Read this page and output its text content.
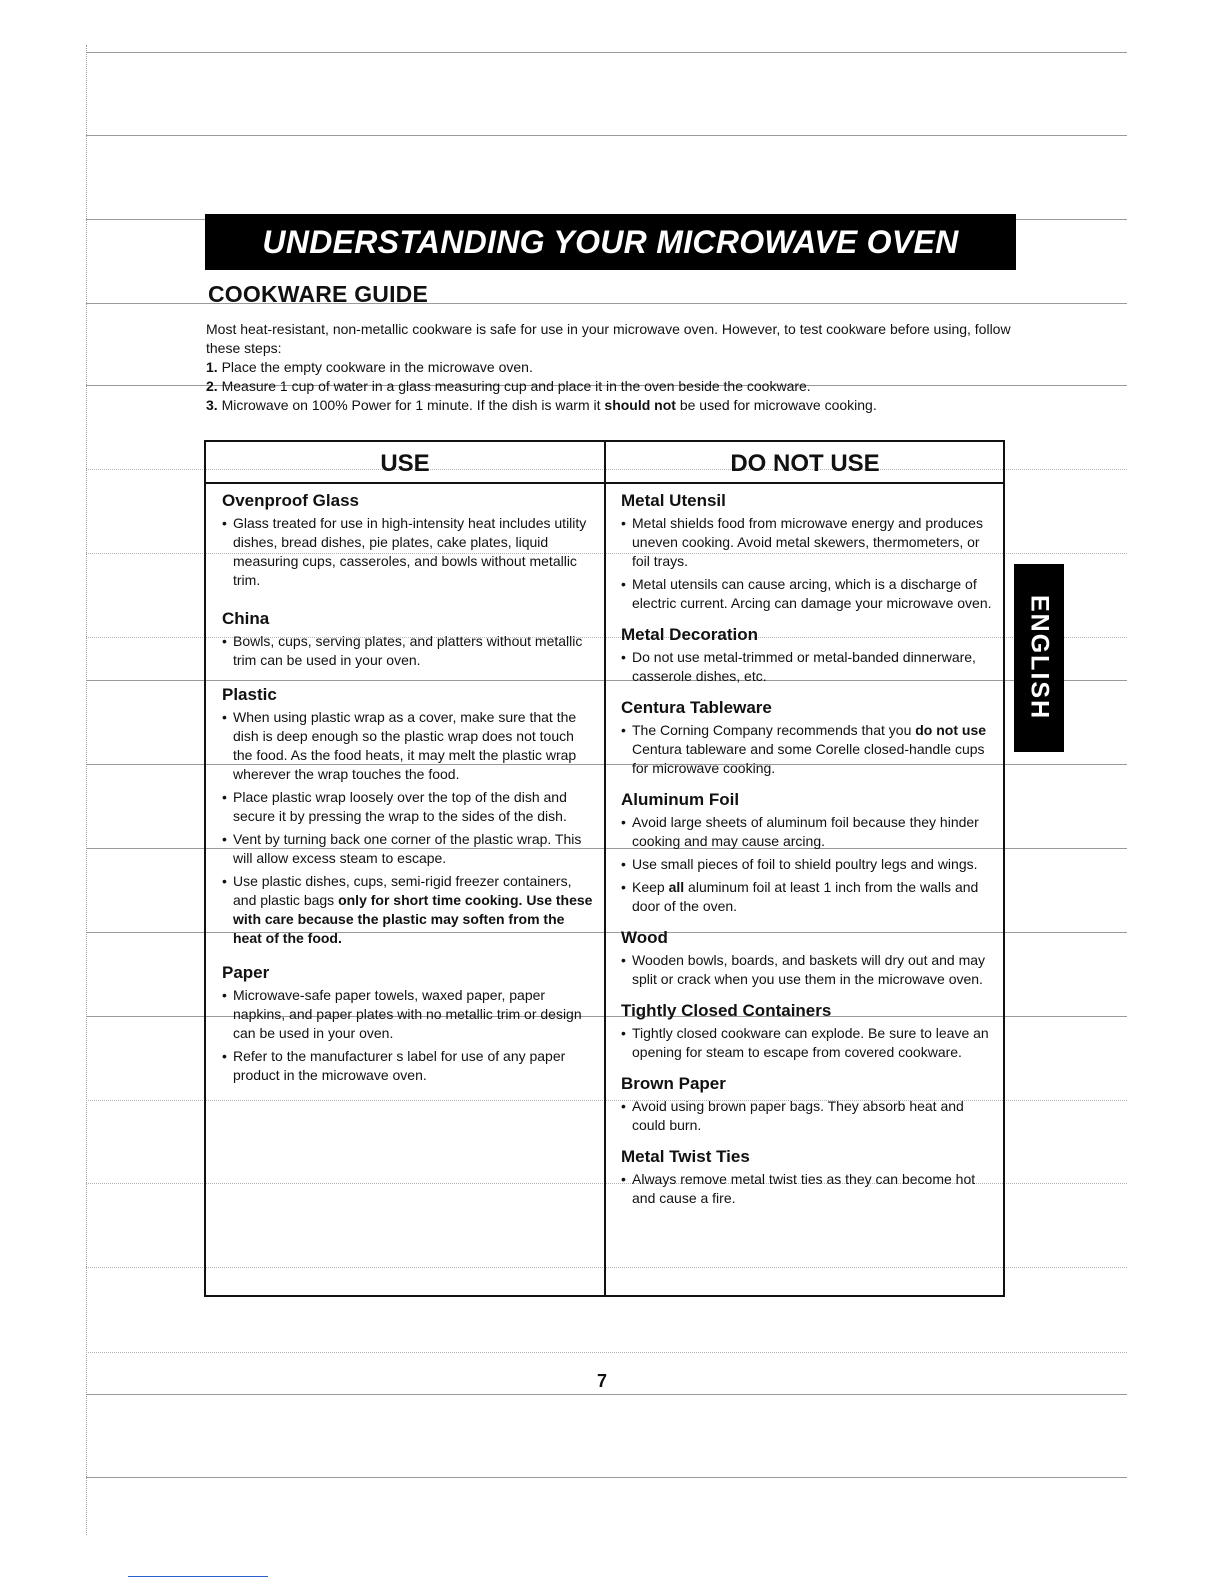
UNDERSTANDING YOUR MICROWAVE OVEN
COOKWARE GUIDE

Most heat-resistant, non-metallic cookware is safe for use in your microwave oven. However, to test cookware before using, follow these steps:

1. Place the empty cookware in the microwave oven.

2. Measure 1 cup of water in a glass measuring cup and place it in the oven beside the cookware.

3. Microwave on 100% Power for 1 minute. If the dish is warm it should not be used for microwave cooking.

USE	DO NOT USE
Ovenproof Glass

• Glass treated for use in high-intensity heat includes utility dishes, bread dishes, pie plates, cake plates, liquid measuring cups, casseroles, and bowls without metallic trim.

China

• Bowls, cups, serving plates, and platters without metallic trim can be used in your oven.

Plastic

• When using plastic wrap as a cover, make sure that the dish is deep enough so the plastic wrap does not touch the food. As the food heats, it may melt the plastic wrap wherever the wrap touches the food.

• Place plastic wrap loosely over the top of the dish and secure it by pressing the wrap to the sides of the dish.

• Vent by turning back one corner of the plastic wrap. This will allow excess steam to escape.

• Use plastic dishes, cups, semi-rigid freezer containers, and plastic bags only for short time cooking. Use these with care because the plastic may soften from the heat of the food.

Paper

• Microwave-safe paper towels, waxed paper, paper napkins, and paper plates with no metallic trim or design can be used in your oven.

• Refer to the manufacturer s label for use of any paper product in the microwave oven.

Metal Utensil

• Metal shields food from microwave energy and produces uneven cooking. Avoid metal skewers, thermometers, or foil trays.

• Metal utensils can cause arcing, which is a discharge of electric current. Arcing can damage your microwave oven.

Metal Decoration

• Do not use metal-trimmed or metal-banded dinnerware, casserole dishes, etc.

Centura Tableware

• The Corning Company recommends that you do not use Centura tableware and some Corelle closed-handle cups for microwave cooking.

Aluminum Foil

• Avoid large sheets of aluminum foil because they hinder cooking and may cause arcing.

• Use small pieces of foil to shield poultry legs and wings.

• Keep all aluminum foil at least 1 inch from the walls and door of the oven.

Wood

• Wooden bowls, boards, and baskets will dry out and may split or crack when you use them in the microwave oven.

Tightly Closed Containers

• Tightly closed cookware can explode. Be sure to leave an opening for steam to escape from covered cookware.

Brown Paper

• Avoid using brown paper bags. They absorb heat and could burn.

Metal Twist Ties

• Always remove metal twist ties as they can become hot and cause a fire.

ENGLISH
7
